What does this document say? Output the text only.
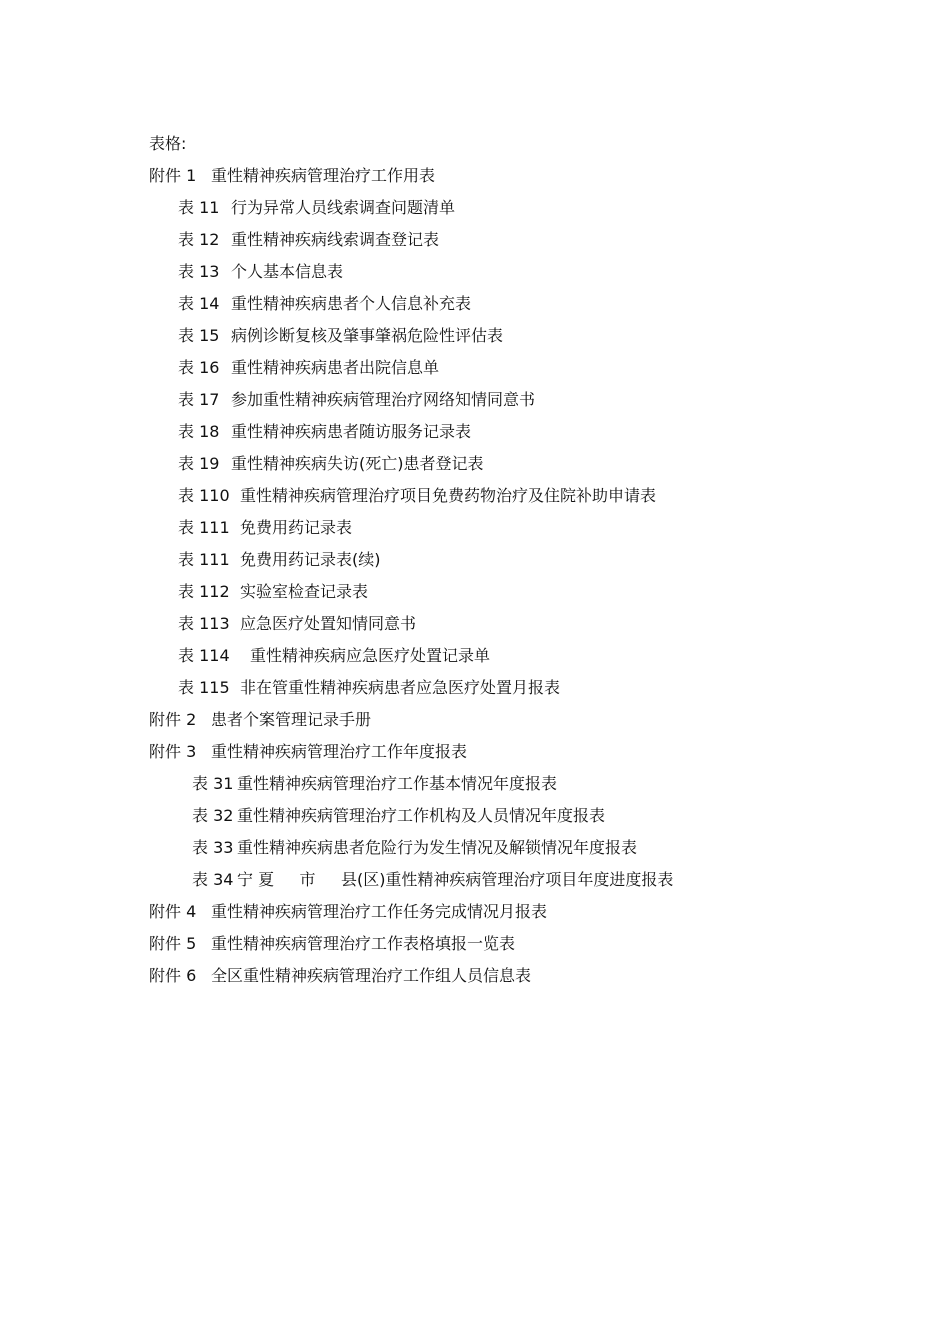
表格:
附件 1 重性精神疾病管理治疗工作用表
表 11 行为异常人员线索调查问题清单
表 12 重性精神疾病线索调查登记表
表 13 个人基本信息表
表 14 重性精神疾病患者个人信息补充表
表 15 病例诊断复核及肇事肇祸危险性评估表
表 16 重性精神疾病患者出院信息单
表 17 参加重性精神疾病管理治疗网络知情同意书
表 18 重性精神疾病患者随访服务记录表
表 19 重性精神疾病失访(死亡)患者登记表
表 110 重性精神疾病管理治疗项目免费药物治疗及住院补助申请表
表 111 免费用药记录表
表 111 免费用药记录表(续)
表 112 实验室检查记录表
表 113 应急医疗处置知情同意书
表 114 重性精神疾病应急医疗处置记录单
表 115 非在管重性精神疾病患者应急医疗处置月报表
附件 2 患者个案管理记录手册
附件 3 重性精神疾病管理治疗工作年度报表
表 31 重性精神疾病管理治疗工作基本情况年度报表
表 32 重性精神疾病管理治疗工作机构及人员情况年度报表
表 33 重性精神疾病患者危险行为发生情况及解锁情况年度报表
表 34 宁 夏     市     县(区)重性精神疾病管理治疗项目年度进度报表
附件 4 重性精神疾病管理治疗工作任务完成情况月报表
附件 5 重性精神疾病管理治疗工作表格填报一览表
附件 6 全区重性精神疾病管理治疗工作组人员信息表
